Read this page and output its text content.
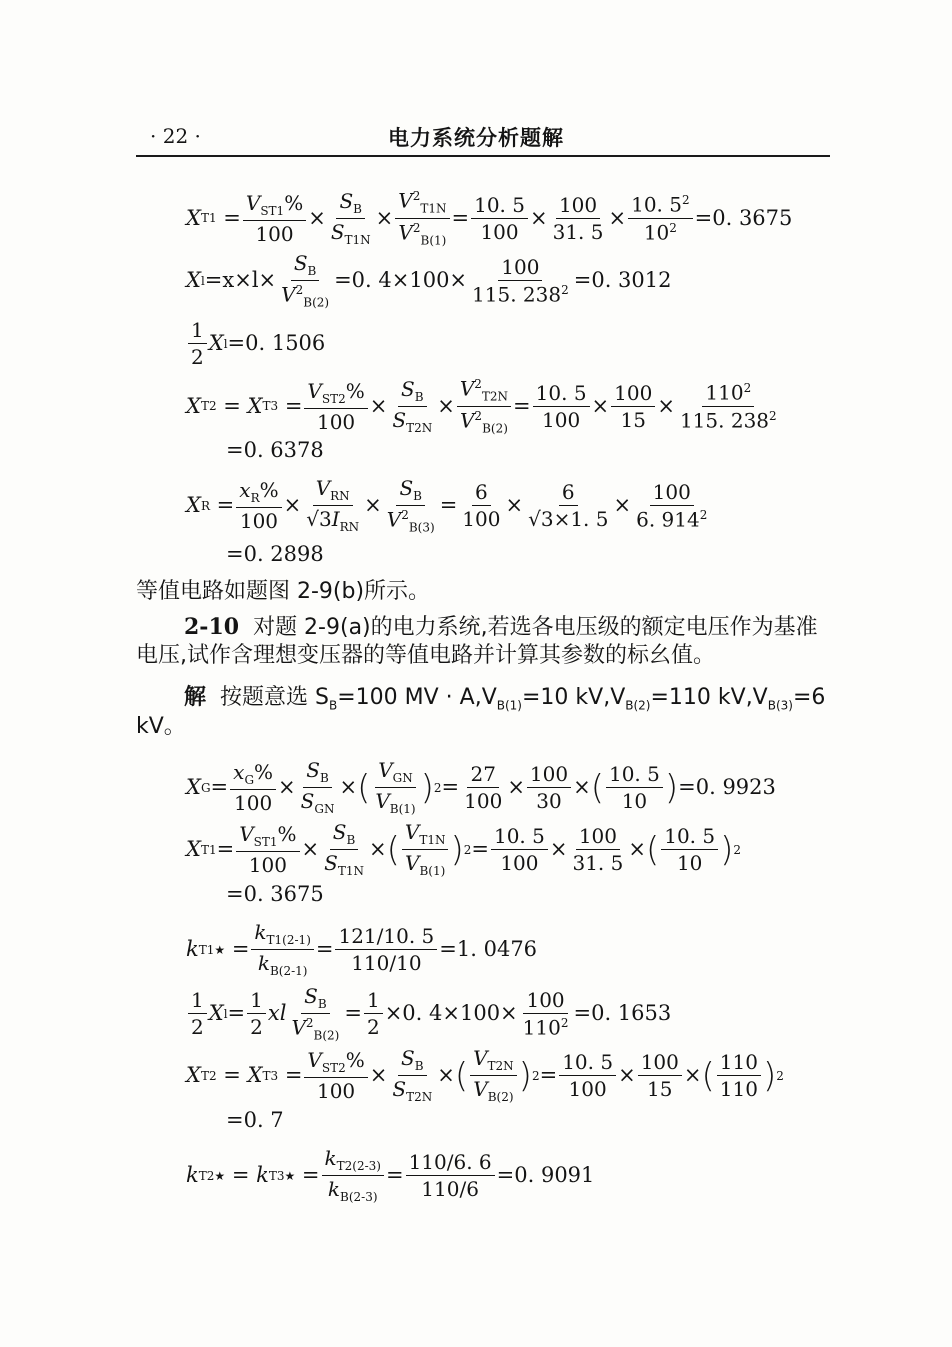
· 22 ·	电力系统分析题解
X $T1 = \frac{V_{ST1}\%}{100} \times \frac{S_B}{S_{T1N}} \times \frac{V^2_{T1N}}{V^2_{B(1)}} = \frac{10. 5}{100} \times \frac{100}{31. 5} \times \frac{10. 5^2}{10^2} =0$. 3675
X $l =x\times l\times \frac{S_B}{V^2_{B(2)}} =0$. $4\times 100\times \frac{100}{115. 238^2} =0$. 3012
$\frac{1}{2}$ X l =0. 1506
X T2 = X $T3 = \frac{V_{ST2}\%}{100} \times \frac{S_B}{S_{T2N}} \times \frac{V^2_{T2N}}{V^2_{B(2)}} = \frac{10. 5}{100} \times \frac{100}{15} \times \frac{110^2}{115. 238^2}$
=0. 6378
X $R = \frac{x_R\%}{100} \times \frac{V_{RN}}{√3I_{RN}} \times \frac{S_B}{V^2_{B(3)}} = \frac{6}{100} \times \frac{6}{√3\times 1. 5} \times \frac{100}{6. 914^2}$
=0. 2898
等值电路如题图 2-9(b)所示。
2-10 对题 2-9(a)的电力系统,若选各电压级的额定电压作为基准电压,试作含理想变压器的等值电路并计算其参数的标幺值。
解 按题意选 $S_B=100$ MV · $A,V_{B(1)}=10$ $kV,V_{B(2)}=110$ $kV,V_{B(3)}=6$ kV。
X $G = \frac{x_G\%}{100} \times \frac{S_B}{S_{GN}}$ × ( $\frac{V_{GN}}{V_{B(1)}}$ ) $2 = \frac{27}{100} \times \frac{100}{30}$ × ( $\frac{10. 5}{10}$ ) =0. 9923
X $T1 = \frac{V_{ST1}\%}{100} \times \frac{S_B}{S_{T1N}}$ × ( $\frac{V_{T1N}}{V_{B(1)}}$ ) $2 = \frac{10. 5}{100} \times \frac{100}{31. 5}$ × ( $\frac{10. 5}{10}$ ) 2
=0. 3675
k T1★ = $\frac{k_{T1(2-1)}}{k_{B(2-1)}} = \frac{121/10. 5}{110/10} =1$. 0476
$\frac{1}{2}$ X $l = \frac{1}{2}$ xl $\frac{S_B}{V^2_{B(2)}} = \frac{1}{2} \times 0$. $4\times 100\times \frac{100}{110^2} =0$. 1653
X T2 = X $T3 = \frac{V_{ST2}\%}{100} \times \frac{S_B}{S_{T2N}}$ × ( $\frac{V_{T2N}}{V_{B(2)}}$ ) $2 = \frac{10. 5}{100} \times \frac{100}{15}$ × ( $\frac{110}{110}$ ) 2
=0. 7
k T2★ = k T3★ = $\frac{k_{T2(2-3)}}{k_{B(2-3)}} = \frac{110/6. 6}{110/6} =0$. 9091
